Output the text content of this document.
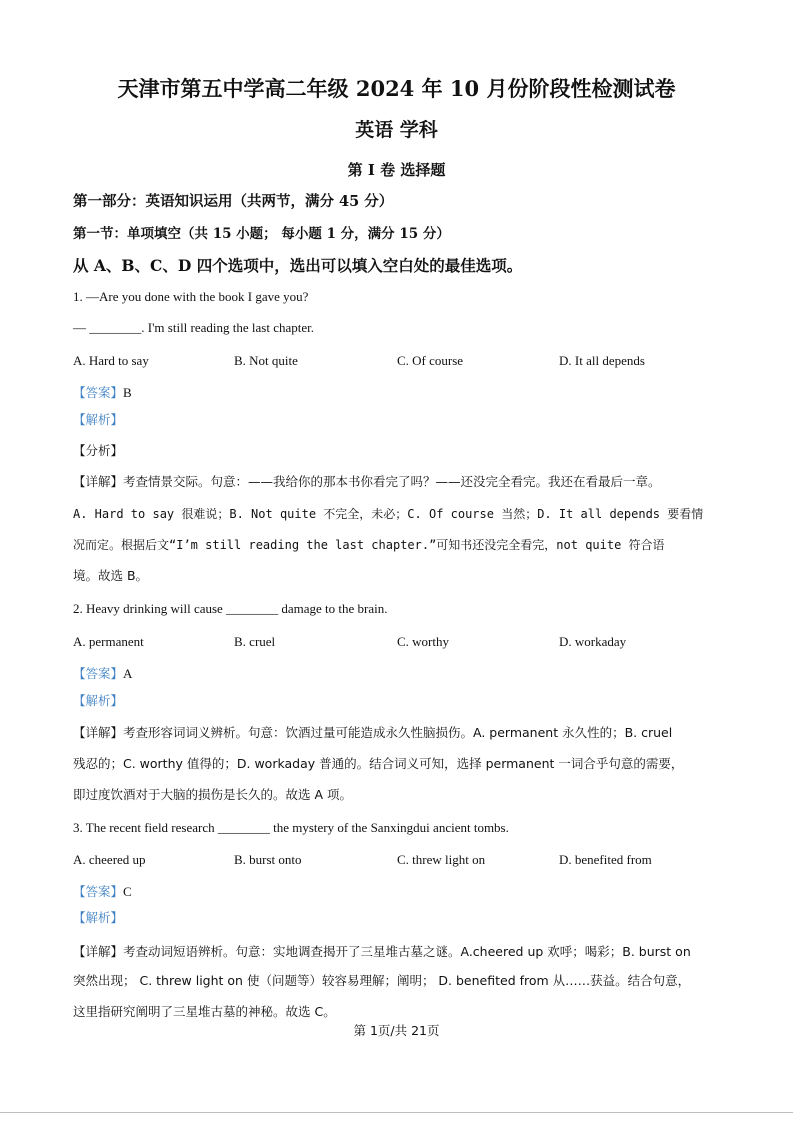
天津市第五中学高二年级 2024 年 10 月份阶段性检测试卷
英语 学科
第 I 卷 选择题
第一部分：英语知识运用（共两节，满分 45 分）
第一节：单项填空（共 15 小题； 每小题 1 分，满分 15 分）
从 A、B、C、D 四个选项中，选出可以填入空白处的最佳选项。
1. —Are you done with the book I gave you?
— ________. I'm still reading the last chapter.
A. Hard to say	B. Not quite	C. Of course	D. It all depends
【答案】B
【解析】
【分析】
【详解】考查情景交际。句意：——我给你的那本书你看完了吗？——还没完全看完。我还在看最后一章。
A. Hard to say 很难说；B. Not quite 不完全，未必；C. Of course 当然；D. It all depends 要看情
况而定。根据后文“I’m still reading the last chapter.”可知书还没完全看完，not quite 符合语
境。故选 B。
2. Heavy drinking will cause ________ damage to the brain.
A. permanent	B. cruel	C. worthy	D. workaday
【答案】A
【解析】
【详解】考查形容词词义辨析。句意：饮酒过量可能造成永久性脑损伤。A. permanent 永久性的；B. cruel
残忍的；C. worthy 值得的；D. workaday 普通的。结合词义可知，选择 permanent 一词合乎句意的需要，
即过度饮酒对于大脑的损伤是长久的。故选 A 项。
3. The recent field research ________ the mystery of the Sanxingdui ancient tombs.
A. cheered up	B. burst onto	C. threw light on	D. benefited from
【答案】C
【解析】
【详解】考查动词短语辨析。句意：实地调查揭开了三星堆古墓之谜。A.cheered up 欢呼；喝彩；B. burst on
突然出现； C. threw light on 使（问题等）较容易理解；阐明； D. benefited from 从……获益。结合句意，
这里指研究阐明了三星堆古墓的神秘。故选 C。
第 1页/共 21页
